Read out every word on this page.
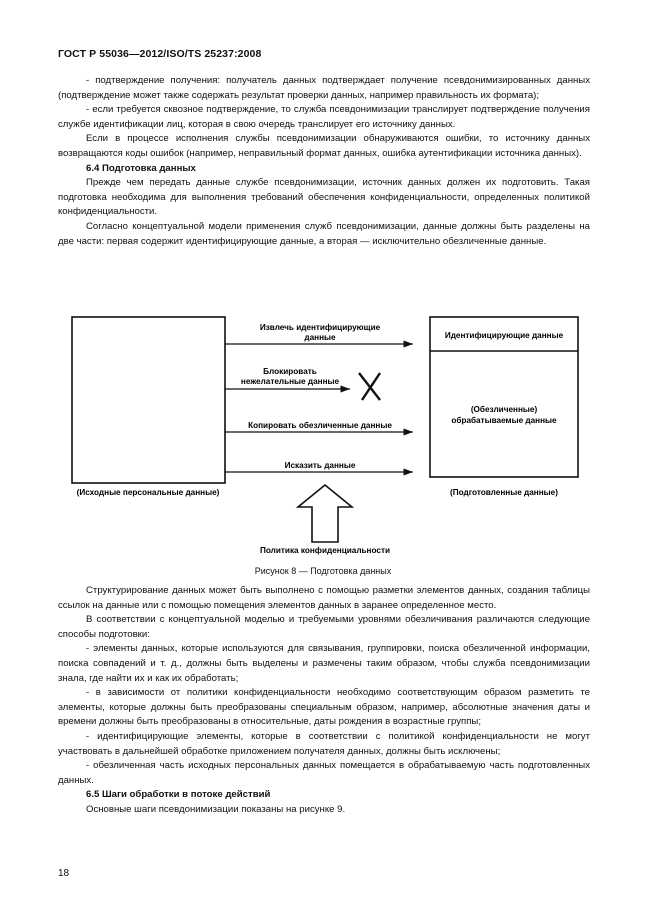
ГОСТ Р 55036—2012/ISO/TS 25237:2008

- подтверждение получения: получатель данных подтверждает получение псевдонимизированных данных (подтверждение может также содержать результат проверки данных, например правильность их формата);

- если требуется сквозное подтверждение, то служба псевдонимизации транслирует подтверждение получения службе идентификации лиц, которая в свою очередь транслирует его источнику данных.

Если в процессе исполнения службы псевдонимизации обнаруживаются ошибки, то источнику данных возвращаются коды ошибок (например, неправильный формат данных, ошибка аутентификации источника данных).

6.4 Подготовка данных

Прежде чем передать данные службе псевдонимизации, источник данных должен их подготовить. Такая подготовка необходима для выполнения требований обеспечения конфиденциальности, определенных политикой конфиденциальности.

Согласно концептуальной модели применения служб псевдонимизации, данные должны быть разделены на две части: первая содержит идентифицирующие данные, а вторая — исключительно обезличенные данные.

(Исходные персональные данные)
Идентифицирующие данные
(Обезличенные)
обрабатываемые данные
(Подготовленные данные)
Извлечь идентифицирующие
данные
Блокировать
нежелательные данные
Копировать обезличенные данные
Исказить данные
Политика конфиденциальности
Рисунок 8 — Подготовка данных

Структурирование данных может быть выполнено с помощью разметки элементов данных, создания таблицы ссылок на данные или с помощью помещения элементов данных в заранее определенное место.

В соответствии с концептуальной моделью и требуемыми уровнями обезличивания различаются следующие способы подготовки:

- элементы данных, которые используются для связывания, группировки, поиска обезличенной информации, поиска совпадений и т. д., должны быть выделены и размечены таким образом, чтобы служба псевдонимизации знала, где найти их и как их обработать;

- в зависимости от политики конфиденциальности необходимо соответствующим образом разметить те элементы, которые должны быть преобразованы специальным образом, например, абсолютные значения даты и времени должны быть преобразованы в относительные, даты рождения в возрастные группы;

- идентифицирующие элементы, которые в соответствии с политикой конфиденциальности не могут участвовать в дальнейшей обработке приложением получателя данных, должны быть исключены;

- обезличенная часть исходных персональных данных помещается в обрабатываемую часть подготовленных данных.

6.5 Шаги обработки в потоке действий

Основные шаги псевдонимизации показаны на рисунке 9.

18
